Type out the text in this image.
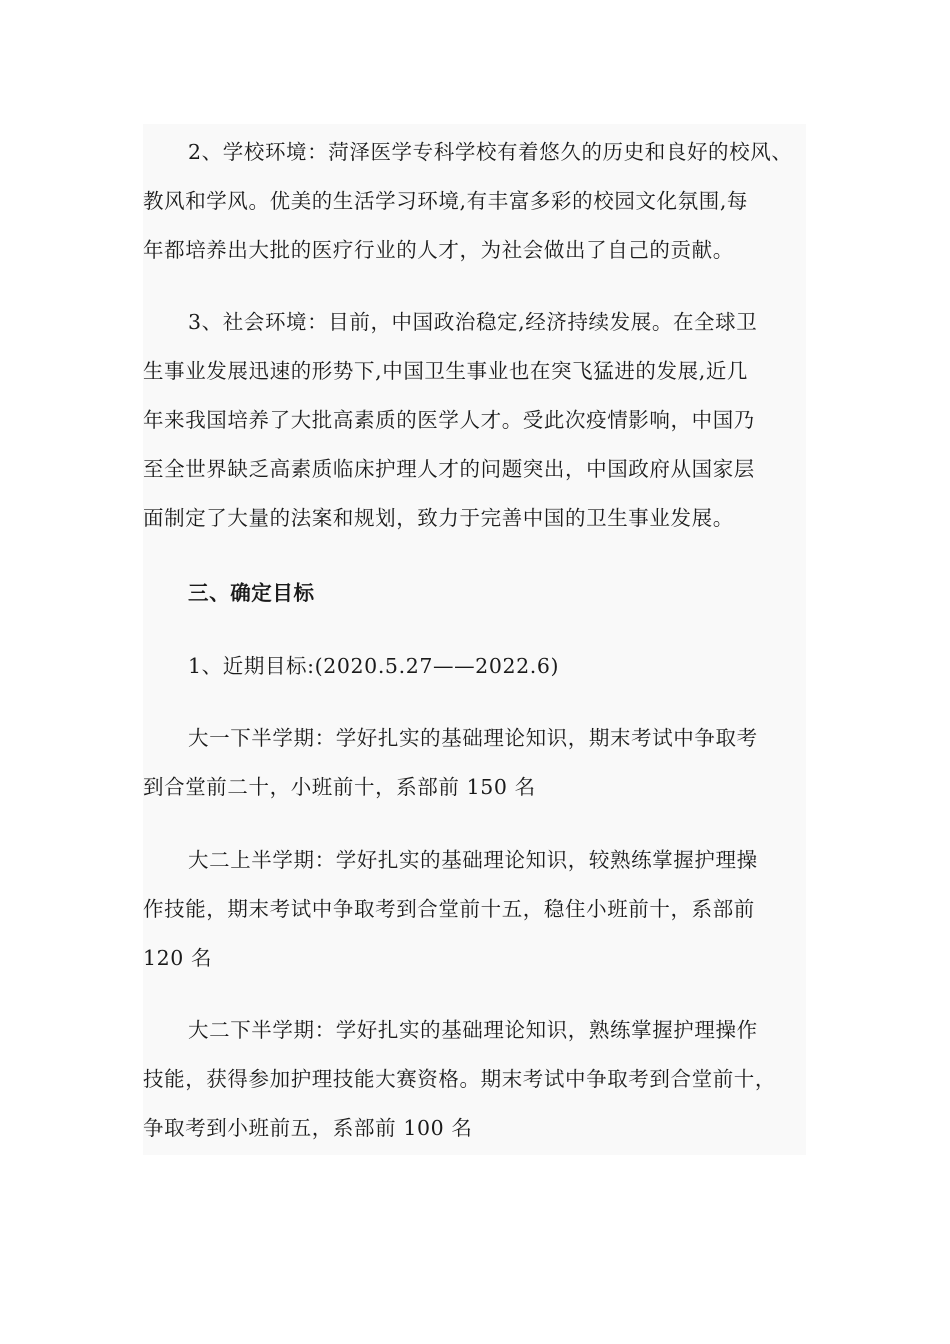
2、学校环境：菏泽医学专科学校有着悠久的历史和良好的校风、
教风和学风。优美的生活学习环境,有丰富多彩的校园文化氛围,每
年都培养出大批的医疗行业的人才，为社会做出了自己的贡献。
3、社会环境：目前，中国政治稳定,经济持续发展。在全球卫
生事业发展迅速的形势下,中国卫生事业也在突飞猛进的发展,近几
年来我国培养了大批高素质的医学人才。受此次疫情影响，中国乃
至全世界缺乏高素质临床护理人才的问题突出，中国政府从国家层
面制定了大量的法案和规划，致力于完善中国的卫生事业发展。
三、确定目标
1、近期目标:(2020.5.27——2022.6)
大一下半学期：学好扎实的基础理论知识，期末考试中争取考
到合堂前二十，小班前十，系部前 150 名
大二上半学期：学好扎实的基础理论知识，较熟练掌握护理操
作技能，期末考试中争取考到合堂前十五，稳住小班前十，系部前
120 名
大二下半学期：学好扎实的基础理论知识，熟练掌握护理操作
技能，获得参加护理技能大赛资格。期末考试中争取考到合堂前十，
争取考到小班前五，系部前 100 名
